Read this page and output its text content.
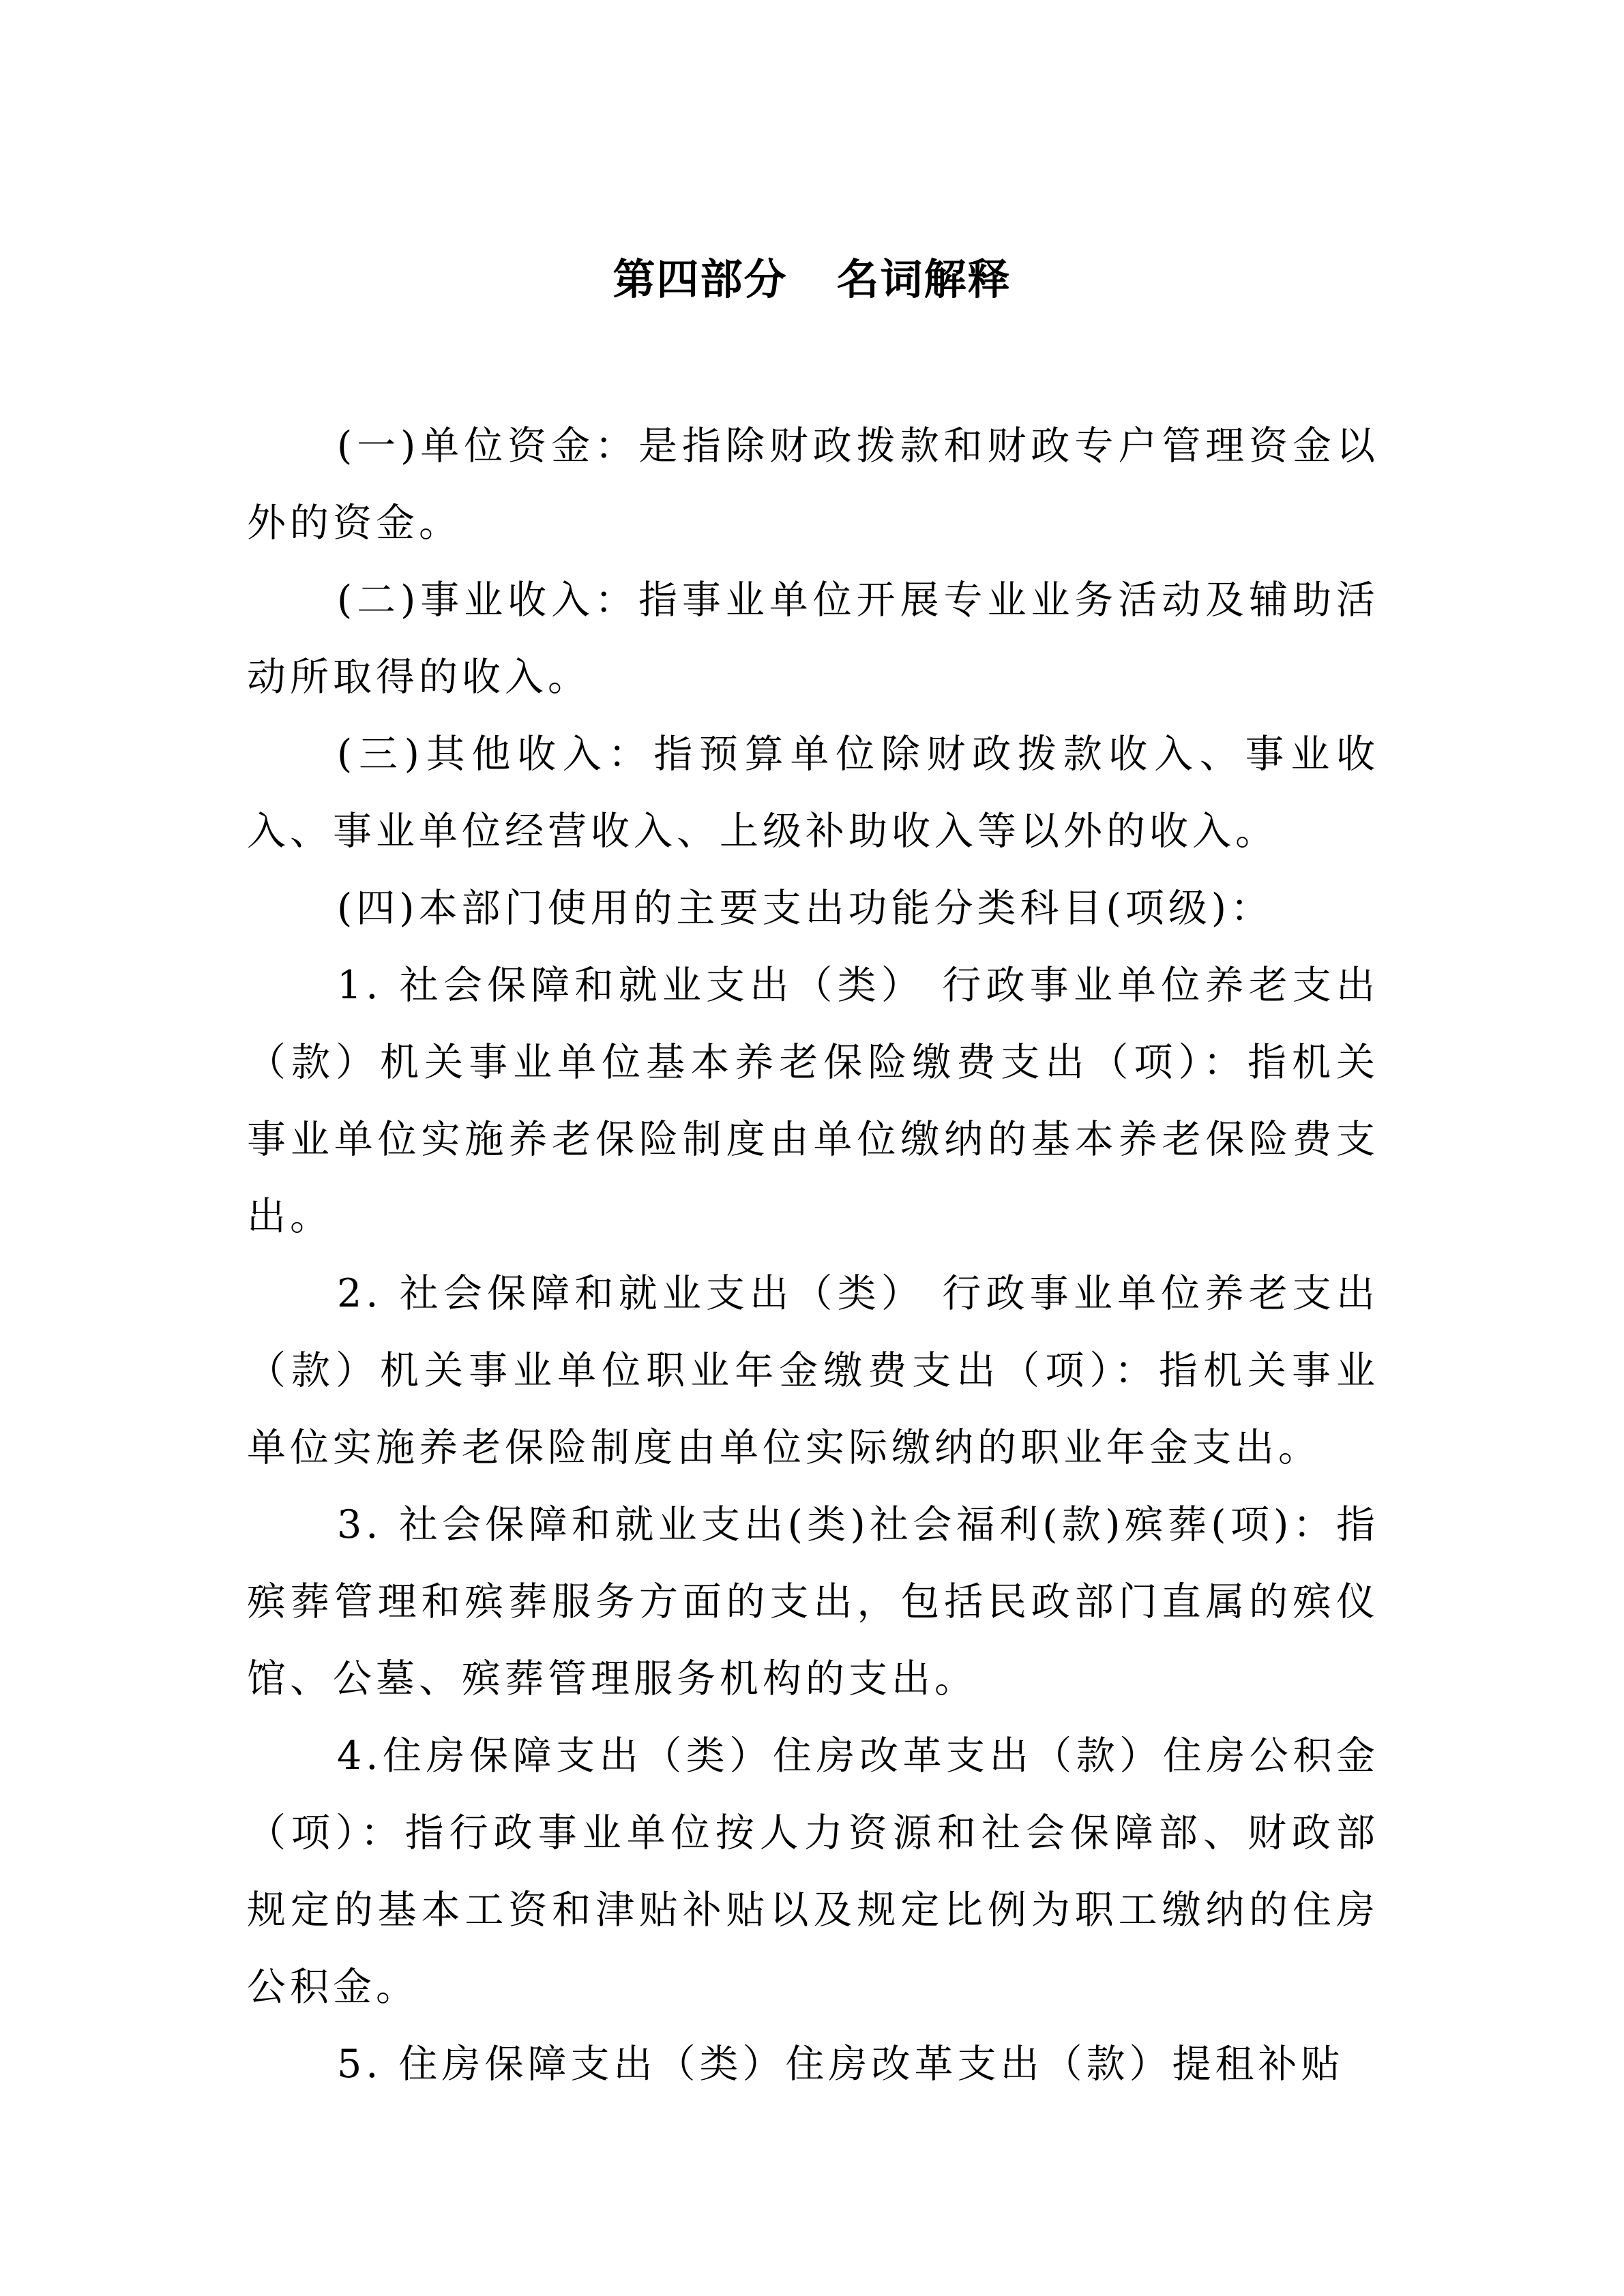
第四部分 名词解释

(一)单位资金：是指除财政拨款和财政专户管理资金以外的资金。

(二)事业收入：指事业单位开展专业业务活动及辅助活动所取得的收入。

(三)其他收入：指预算单位除财政拨款收入、事业收入、事业单位经营收入、上级补助收入等以外的收入。

(四)本部门使用的主要支出功能分类科目(项级)：

1. 社会保障和就业支出（类） 行政事业单位养老支出（款）机关事业单位基本养老保险缴费支出（项）：指机关事业单位实施养老保险制度由单位缴纳的基本养老保险费支出。

2. 社会保障和就业支出（类） 行政事业单位养老支出（款）机关事业单位职业年金缴费支出（项）：指机关事业单位实施养老保险制度由单位实际缴纳的职业年金支出。

3. 社会保障和就业支出(类)社会福利(款)殡葬(项)：指殡葬管理和殡葬服务方面的支出，包括民政部门直属的殡仪馆、公墓、殡葬管理服务机构的支出。

4.住房保障支出（类）住房改革支出（款）住房公积金（项）：指行政事业单位按人力资源和社会保障部、财政部规定的基本工资和津贴补贴以及规定比例为职工缴纳的住房公积金。

5. 住房保障支出（类）住房改革支出（款）提租补贴
